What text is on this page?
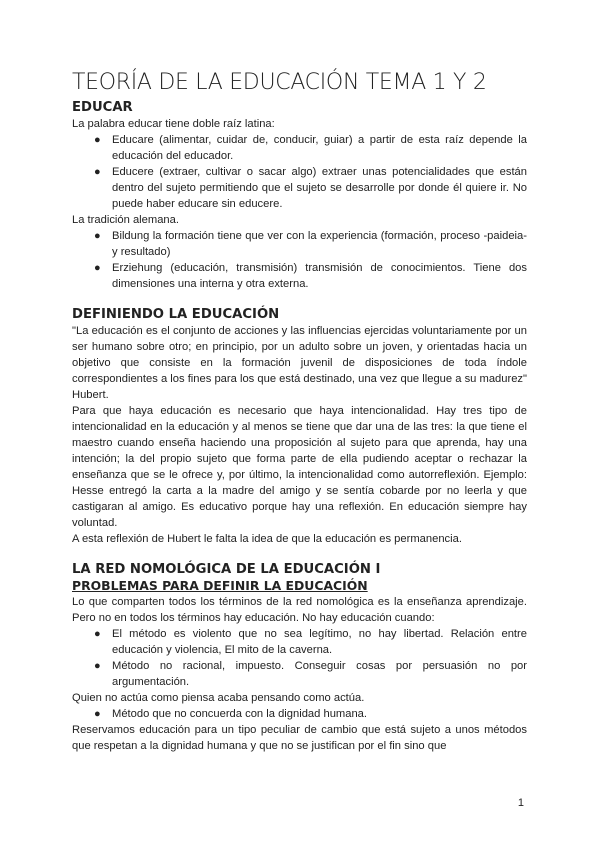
TEORÍA DE LA EDUCACIÓN TEMA 1 Y 2
EDUCAR

La palabra educar tiene doble raíz latina:

● Educare (alimentar, cuidar de, conducir, guiar) a partir de esta raíz depende la educación del educador.
● Educere (extraer, cultivar o sacar algo) extraer unas potencialidades que están dentro del sujeto permitiendo que el sujeto se desarrolle por donde él quiere ir. No puede haber educare sin educere.

La tradición alemana.

● Bildung la formación tiene que ver con la experiencia (formación, proceso -paideia- y resultado)
● Erziehung (educación, transmisión) transmisión de conocimientos. Tiene dos dimensiones una interna y otra externa.
DEFINIENDO LA EDUCACIÓN

"La educación es el conjunto de acciones y las influencias ejercidas voluntariamente por un ser humano sobre otro; en principio, por un adulto sobre un joven, y orientadas hacia un objetivo que consiste en la formación juvenil de disposiciones de toda índole correspondientes a los fines para los que está destinado, una vez que llegue a su madurez" Hubert.

Para que haya educación es necesario que haya intencionalidad. Hay tres tipo de intencionalidad en la educación y al menos se tiene que dar una de las tres: la que tiene el maestro cuando enseña haciendo una proposición al sujeto para que aprenda, hay una intención; la del propio sujeto que forma parte de ella pudiendo aceptar o rechazar la enseñanza que se le ofrece y, por último, la intencionalidad como autorreflexión. Ejemplo: Hesse entregó la carta a la madre del amigo y se sentía cobarde por no leerla y que castigaran al amigo. Es educativo porque hay una reflexión. En educación siempre hay voluntad.

A esta reflexión de Hubert le falta la idea de que la educación es permanencia.

LA RED NOMOLÓGICA DE LA EDUCACIÓN I
PROBLEMAS PARA DEFINIR LA EDUCACIÓN

Lo que comparten todos los términos de la red nomológica es la enseñanza aprendizaje. Pero no en todos los términos hay educación. No hay educación cuando:

● El método es violento que no sea legítimo, no hay libertad. Relación entre educación y violencia, El mito de la caverna.
● Método no racional, impuesto. Conseguir cosas por persuasión no por argumentación.

Quien no actúa como piensa acaba pensando como actúa.

● Método que no concuerda con la dignidad humana.

Reservamos educación para un tipo peculiar de cambio que está sujeto a unos métodos que respetan a la dignidad humana y que no se justifican por el fin sino que

1
